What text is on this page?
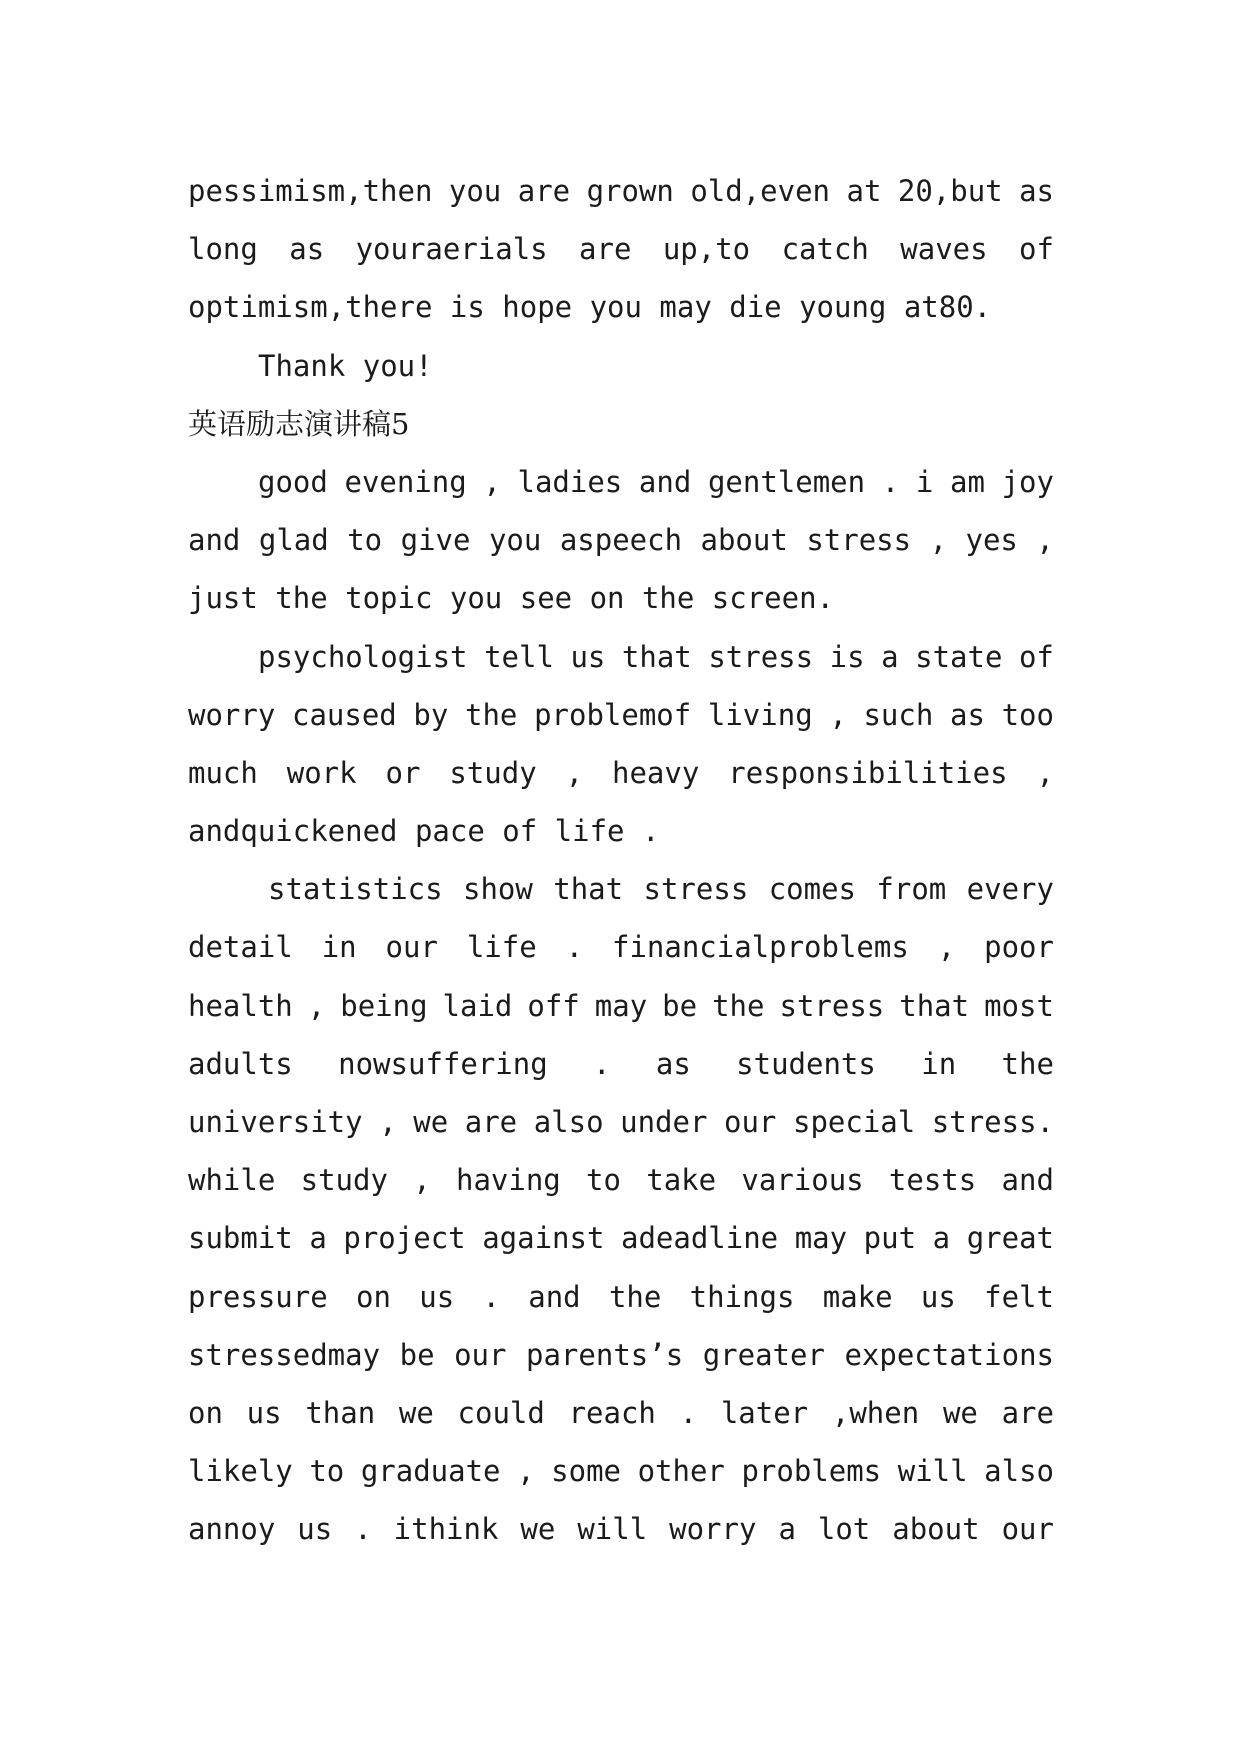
pessimism,then you are grown old,even at 20,but as
long as youraerials are up,to catch waves of
optimism,there is hope you may die young at80.
Thank you!
英语励志演讲稿5
good evening , ladies and gentlemen . i am joy
and glad to give you aspeech about stress , yes ,
just the topic you see on the screen.
psychologist tell us that stress is a state of
worry caused by the problemof living , such as too
much work or study , heavy responsibilities ,
andquickened pace of life .
statistics show that stress comes from every
detail in our life . financialproblems , poor
health , being laid off may be the stress that most
adults nowsuffering . as students in the
university , we are also under our special stress.
while study , having to take various tests and
submit a project against adeadline may put a great
pressure on us . and the things make us felt
stressedmay be our parents’s greater expectations
on us than we could reach . later ,when we are
likely to graduate , some other problems will also
annoy us . ithink we will worry a lot about our
